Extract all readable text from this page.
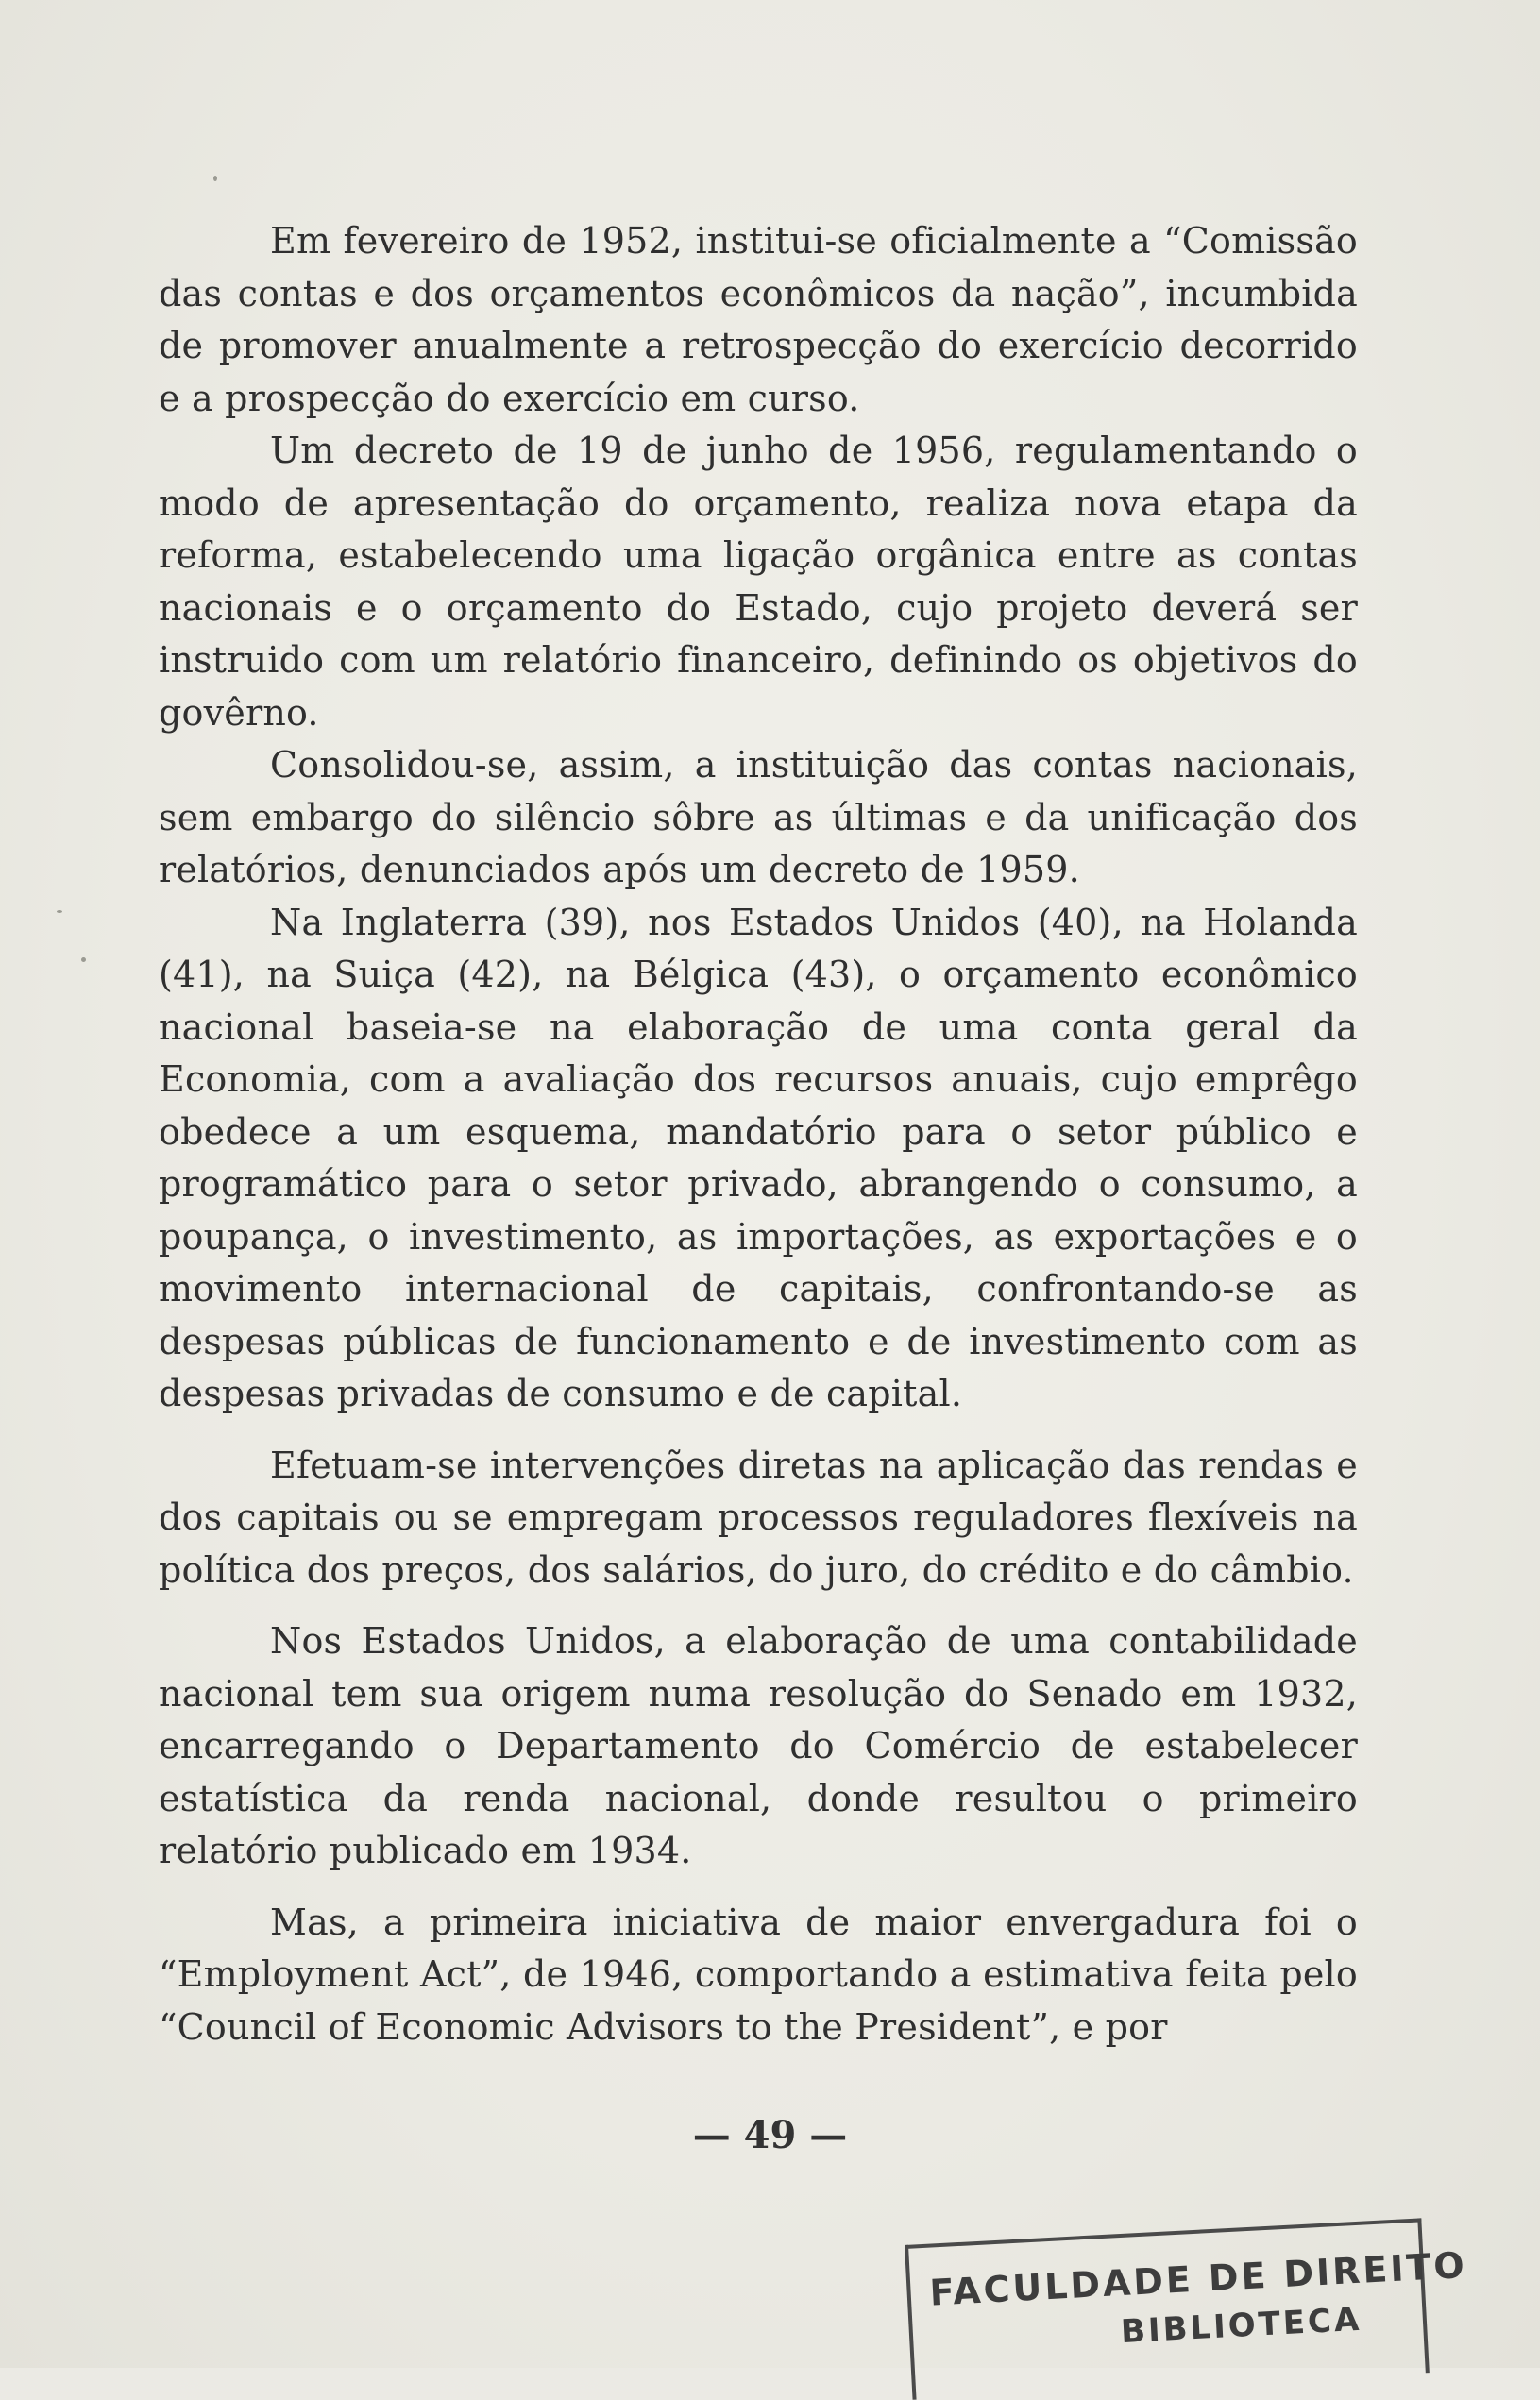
Em fevereiro de 1952, institui-se oficialmente a “Comissão das contas e dos orçamentos econômicos da nação”, incumbida de promover anualmente a retrospecção do exercício decorrido e a prospecção do exercício em curso.

Um decreto de 19 de junho de 1956, regulamentando o modo de apresentação do orçamento, realiza nova etapa da reforma, estabelecendo uma ligação orgânica entre as contas nacionais e o orçamento do Estado, cujo projeto deverá ser instruido com um relatório financeiro, definindo os objetivos do govêrno.

Consolidou-se, assim, a instituição das contas nacionais, sem embargo do silêncio sôbre as últimas e da unificação dos relatórios, denunciados após um decreto de 1959.

Na Inglaterra (39), nos Estados Unidos (40), na Holanda (41), na Suiça (42), na Bélgica (43), o orçamento econômico nacional baseia-se na elaboração de uma conta geral da Economia, com a avaliação dos recursos anuais, cujo emprêgo obedece a um esquema, mandatório para o setor público e programático para o setor privado, abrangendo o consumo, a poupança, o investimento, as importações, as exportações e o movimento internacional de capitais, confrontando-se as despesas públicas de funcionamento e de investimento com as despesas privadas de consumo e de capital.

Efetuam-se intervenções diretas na aplicação das rendas e dos capitais ou se empregam processos reguladores flexíveis na política dos preços, dos salários, do juro, do crédito e do câmbio.

Nos Estados Unidos, a elaboração de uma contabilidade nacional tem sua origem numa resolução do Senado em 1932, encarregando o Departamento do Comércio de estabelecer estatística da renda nacional, donde resultou o primeiro relatório publicado em 1934.

Mas, a primeira iniciativa de maior envergadura foi o “Employment Act”, de 1946, comportando a estimativa feita pelo “Council of Economic Advisors to the President”, e por

— 49 —
FACULDADE DE DIREITO
BIBLIOTECA
